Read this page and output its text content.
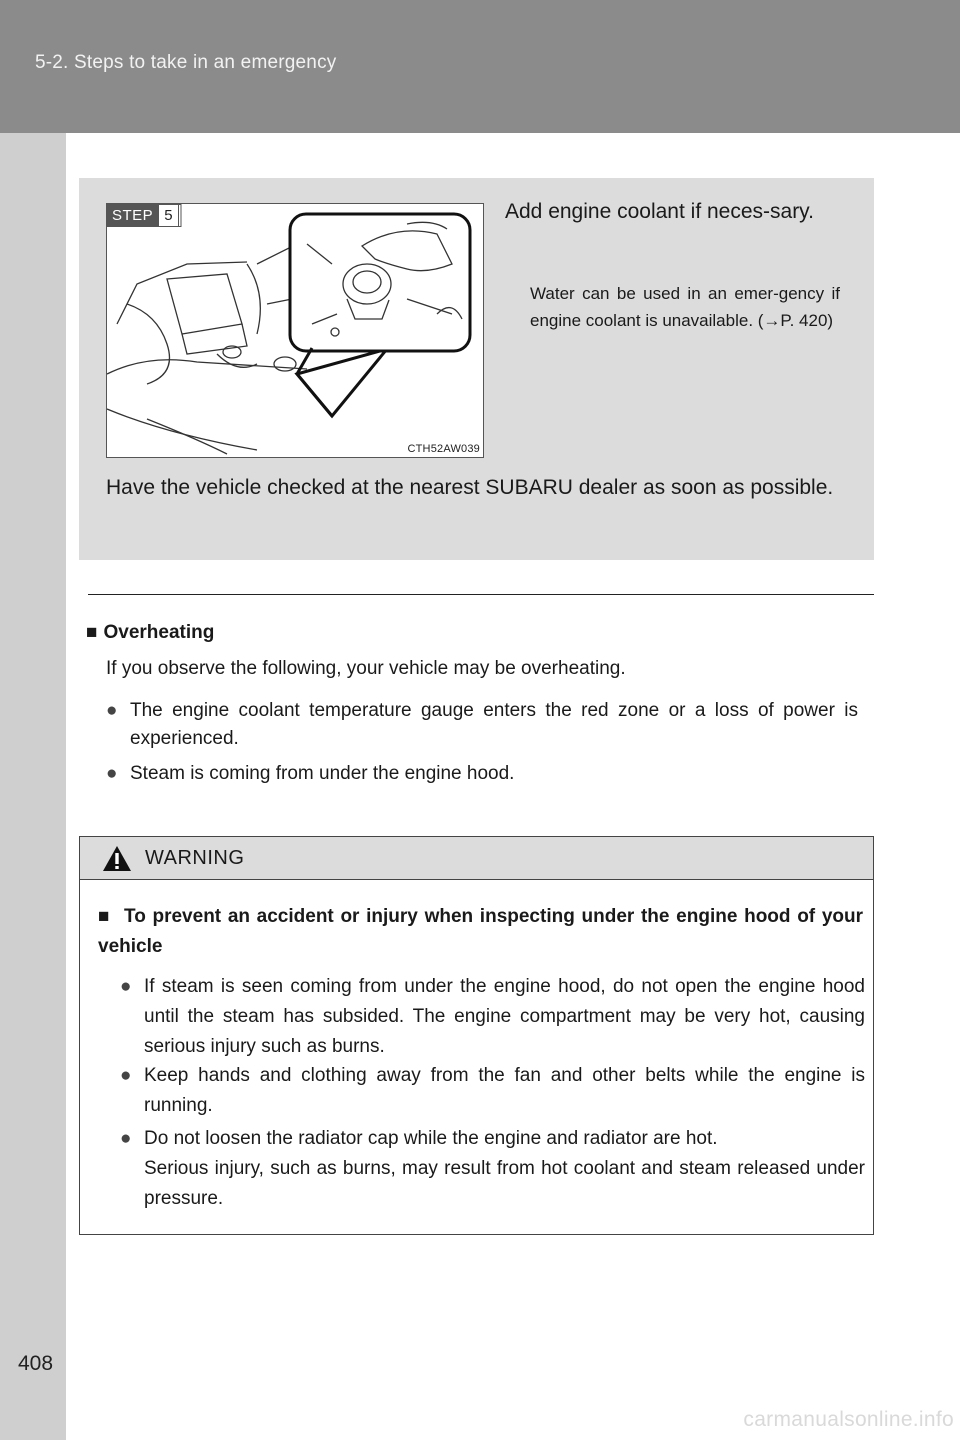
5-2. Steps to take in an emergency
STEP 5
CTH52AW039
Add engine coolant if neces-sary.
Water can be used in an emer-gency if engine coolant is unavailable. (→P. 420)
Have the vehicle checked at the nearest SUBARU dealer as soon as possible.
■ Overheating
If you observe the following, your vehicle may be overheating.
● The engine coolant temperature gauge enters the red zone or a loss of power is experienced.
● Steam is coming from under the engine hood.
WARNING
■ To prevent an accident or injury when inspecting under the engine hood of your vehicle
● If steam is seen coming from under the engine hood, do not open the engine hood until the steam has subsided. The engine compartment may be very hot, causing serious injury such as burns.
● Keep hands and clothing away from the fan and other belts while the engine is running.
● Do not loosen the radiator cap while the engine and radiator are hot.
Serious injury, such as burns, may result from hot coolant and steam released under pressure.
408
carmanualsonline.info
